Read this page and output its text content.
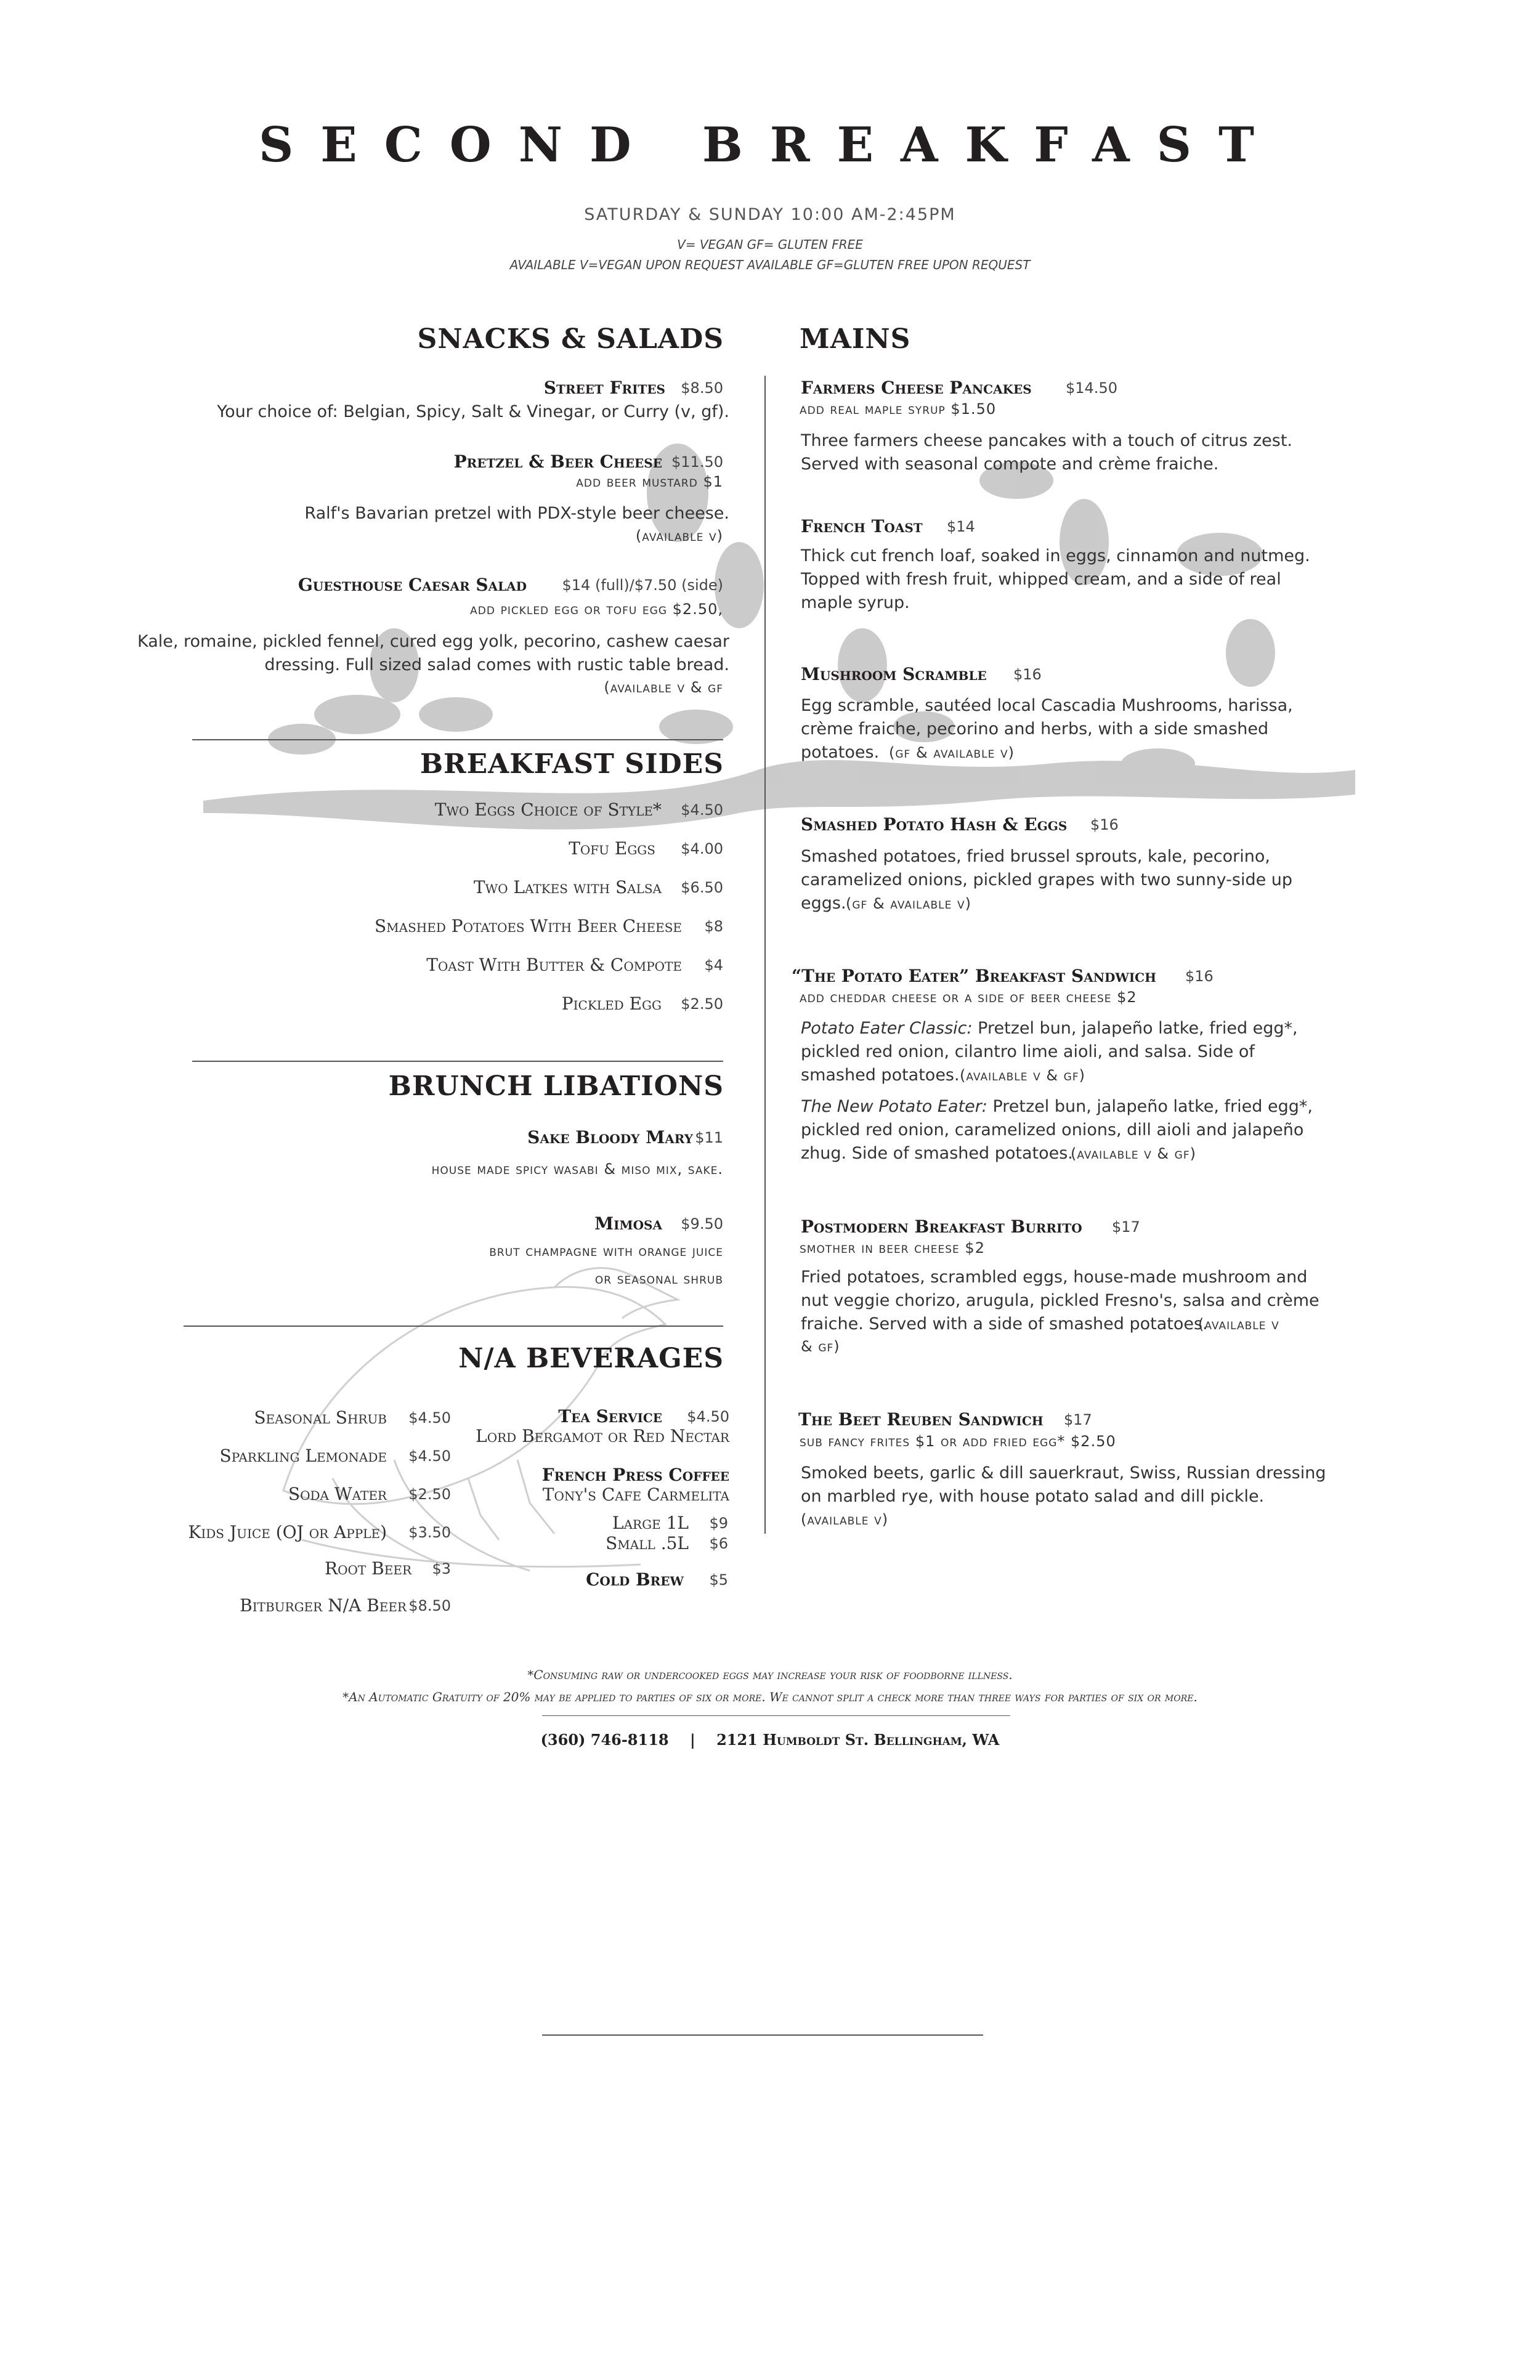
SECOND BREAKFAST
SATURDAY & SUNDAY 10:00 AM-2:45PM
V= VEGAN GF= GLUTEN FREE
AVAILABLE V=VEGAN UPON REQUEST AVAILABLE GF=GLUTEN FREE UPON REQUEST
SNACKS & SALADS
Street Frites $8.50
Your choice of: Belgian, Spicy, Salt & Vinegar, or Curry (v, gf).
Pretzel & Beer Cheese $11.50
add beer mustard $1
Ralf's Bavarian pretzel with PDX-style beer cheese.
(available v)
Guesthouse Caesar Salad $14 (full)/$7.50 (side)
add pickled egg or tofu egg $2.50,
Kale, romaine, pickled fennel, cured egg yolk, pecorino, cashew caesar
dressing. Full sized salad comes with rustic table bread.
(available v & gf
BREAKFAST SIDES
Two Eggs Choice of Style* $4.50
Tofu Eggs $4.00
Two Latkes with Salsa $6.50
Smashed Potatoes With Beer Cheese $8
Toast With Butter & Compote $4
Pickled Egg $2.50
BRUNCH LIBATIONS
Sake Bloody Mary $11
house made spicy wasabi & miso mix, sake.
Mimosa $9.50
brut champagne with orange juice
or seasonal shrub
N/A BEVERAGES
Seasonal Shrub $4.50
Sparkling Lemonade $4.50
Soda Water $2.50
Kids Juice (OJ or Apple) $3.50
Root Beer $3
Bitburger N/A Beer $8.50
Tea Service $4.50
Lord Bergamot or Red Nectar
French Press Coffee
Tony's Cafe Carmelita
Large 1L $9
Small .5L $6
Cold Brew $5
MAINS
Farmers Cheese Pancakes $14.50
add real maple syrup $1.50
Three farmers cheese pancakes with a touch of citrus zest.
Served with seasonal compote and crème fraiche.
French Toast $14
Thick cut french loaf, soaked in eggs, cinnamon and nutmeg.
Topped with fresh fruit, whipped cream, and a side of real
maple syrup.
Mushroom Scramble $16
Egg scramble, sautéed local Cascadia Mushrooms, harissa,
crème fraiche, pecorino and herbs, with a side smashed
potatoes. (gf & available v)
Smashed Potato Hash & Eggs $16
Smashed potatoes, fried brussel sprouts, kale, pecorino,
caramelized onions, pickled grapes with two sunny-side up
eggs. (gf & available v)
“The Potato Eater” Breakfast Sandwich $16
add cheddar cheese or a side of beer cheese $2
Potato Eater Classic: Pretzel bun, jalapeño latke, fried egg*,
pickled red onion, cilantro lime aioli, and salsa. Side of
smashed potatoes. (available v & gf)
The New Potato Eater: Pretzel bun, jalapeño latke, fried egg*,
pickled red onion, caramelized onions, dill aioli and jalapeño
zhug. Side of smashed potatoes.
(available v & gf)
Postmodern Breakfast Burrito $17
smother in beer cheese $2
Fried potatoes, scrambled eggs, house-made mushroom and
nut veggie chorizo, arugula, pickled Fresno's, salsa and crème
fraiche. Served with a side of smashed potatoes.
(available v
& gf)
The Beet Reuben Sandwich $17
sub fancy frites $1 or add fried egg* $2.50
Smoked beets, garlic & dill sauerkraut, Swiss, Russian dressing
on marbled rye, with house potato salad and dill pickle.
(available v)
*Consuming raw or undercooked eggs may increase your risk of foodborne illness.
*An Automatic Gratuity of 20% may be applied to parties of six or more. We cannot split a check more than three ways for parties of six or more.
(360) 746-8118 | 2121 Humboldt St. Bellingham, WA
